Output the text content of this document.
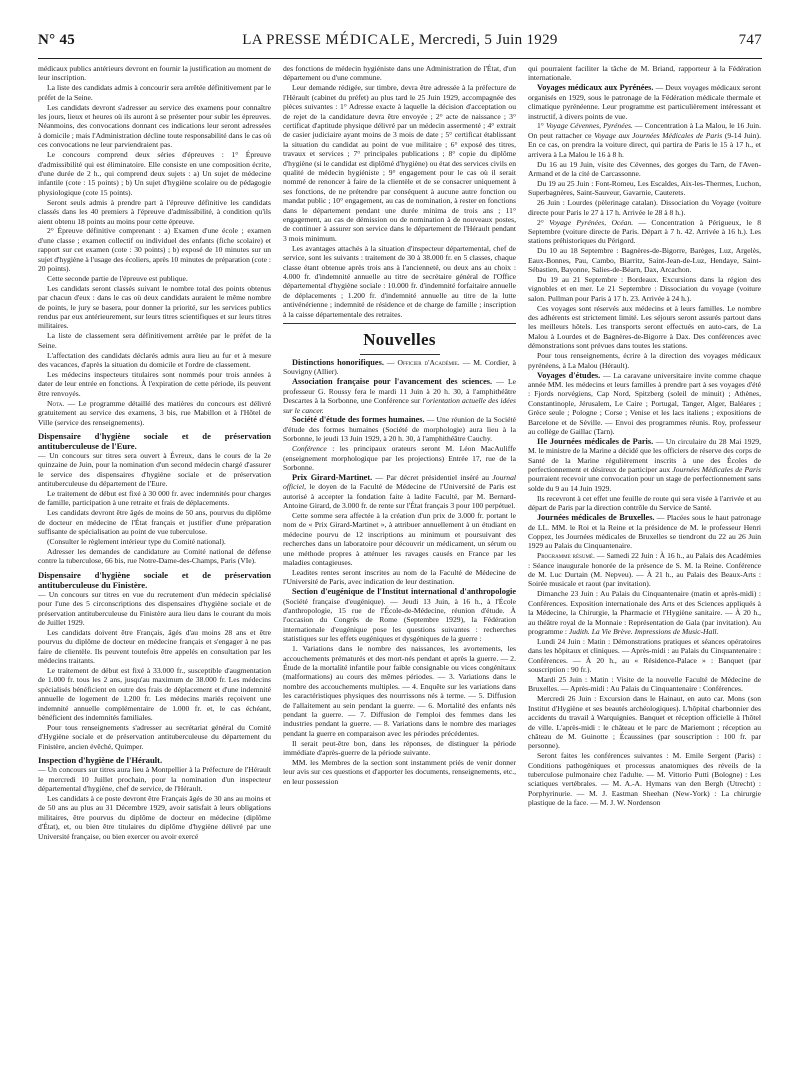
N° 45	LA PRESSE MÉDICALE, Mercredi, 5 Juin 1929	747

médicaux publics antérieurs devront en fournir la justification au moment de leur inscription.

La liste des candidats admis à concourir sera arrêtée définitivement par le préfet de la Seine.

Les candidats devront s'adresser au service des examens pour connaître les jours, lieux et heures où ils auront à se présenter pour subir les épreuves. Néanmoins, des convocations donnant ces indications leur seront adressées à domicile ; mais l'Administration décline toute responsabilité dans le cas où ces convocations ne leur parviendraient pas.

Le concours comprend deux séries d'épreuves : 1° Épreuve d'admissibilité qui est éliminatoire. Elle consiste en une composition écrite, d'une durée de 2 h., qui comprend deux sujets : a) Un sujet de médecine infantile (cote : 15 points) ; b) Un sujet d'hygiène scolaire ou de pédagogie physiologique (cote 15 points).

Seront seuls admis à prendre part à l'épreuve définitive les candidats classés dans les 40 premiers à l'épreuve d'admissibilité, à condition qu'ils aient obtenu 18 points au moins pour cette épreuve.

2° Épreuve définitive comprenant : a) Examen d'une école ; examen d'une classe ; examen collectif ou individuel des enfants (fiche scolaire) et rapport sur cet examen (cote : 30 points) ; b) exposé de 10 minutes sur un sujet d'hygiène à l'usage des écoliers, après 10 minutes de préparation (cote : 20 points).

Cette seconde partie de l'épreuve est publique.

Les candidats seront classés suivant le nombre total des points obtenus par chacun d'eux : dans le cas où deux candidats auraient le même nombre de points, le jury se basera, pour donner la priorité, sur les services publics rendus par eux antérieurement, sur leurs titres scientifiques et sur leurs titres militaires.

La liste de classement sera définitivement arrêtée par le préfet de la Seine.

L'affectation des candidats déclarés admis aura lieu au fur et à mesure des vacances, d'après la situation du domicile et l'ordre de classement.

Les médecins inspecteurs titulaires sont nommés pour trois années à dater de leur entrée en fonctions. À l'expiration de cette période, ils peuvent être renvoyés.

Nota. — Le programme détaillé des matières du concours est délivré gratuitement au service des examens, 3 bis, rue Mabillon et à l'Hôtel de Ville (service des renseignements).

Dispensaire d'hygiène sociale et de préservation antituberculeuse de l'Eure.

— Un concours sur titres sera ouvert à Évreux, dans le cours de la 2e quinzaine de Juin, pour la nomination d'un second médecin chargé d'assurer le service des dispensaires d'hygiène sociale et de préservation antituberculeuse du département de l'Eure.

Le traitement de début est fixé à 30 000 fr. avec indemnités pour charges de famille, participation à une retraite et frais de déplacements.

Les candidats devront être âgés de moins de 50 ans, pourvus du diplôme de docteur en médecine de l'État français et justifier d'une préparation suffisante de spécialisation au point de vue tuberculose.

(Consulter le règlement intérieur type du Comité national).

Adresser les demandes de candidature au Comité national de défense contre la tuberculose, 66 bis, rue Notre-Dame-des-Champs, Paris (VIe).

Dispensaire d'hygiène sociale et de préservation antituberculeuse du Finistère.

— Un concours sur titres en vue du recrutement d'un médecin spécialisé pour l'une des 5 circonscriptions des dispensaires d'hygiène sociale et de préservation antituberculeuse du Finistère aura lieu dans le courant du mois de Juillet 1929.

Les candidats doivent être Français, âgés d'au moins 28 ans et être pourvus du diplôme de docteur en médecine français et s'engager à ne pas faire de clientèle. Ils peuvent toutefois être appelés en consultation par les médecins traitants.

Le traitement de début est fixé à 33.000 fr., susceptible d'augmentation de 1.000 fr. tous les 2 ans, jusqu'au maximum de 38.000 fr. Les médecins spécialisés bénéficient en outre des frais de déplacement et d'une indemnité annuelle de logement de 1.200 fr. Les médecins mariés reçoivent une indemnité annuelle complémentaire de 1.000 fr. et, le cas échéant, bénéficient des indemnités familiales.

Pour tous renseignements s'adresser au secrétariat général du Comité d'Hygiène sociale et de préservation antituberculeuse du département du Finistère, ancien évêché, Quimper.

Inspection d'hygiène de l'Hérault.

— Un concours sur titres aura lieu à Montpellier à la Préfecture de l'Hérault le mercredi 10 Juillet prochain, pour la nomination d'un inspecteur départemental d'hygiène, chef de service, de l'Hérault.

Les candidats à ce poste devront être Français âgés de 30 ans au moins et de 50 ans au plus au 31 Décembre 1929, avoir satisfait à leurs obligations militaires, être pourvus du diplôme de docteur en médecine (diplôme d'État), et, ou bien être titulaires du diplôme d'hygiène délivré par une Université française, ou bien exercer ou avoir exercé

des fonctions de médecin hygiéniste dans une Administration de l'État, d'un département ou d'une commune.

Leur demande rédigée, sur timbre, devra être adressée à la préfecture de l'Hérault (cabinet du préfet) au plus tard le 25 Juin 1929, accompagnée des pièces suivantes : 1° Adresse exacte à laquelle la décision d'acceptation ou de rejet de la candidature devra être envoyée ; 2° acte de naissance ; 3° certificat d'aptitude physique délivré par un médecin assermenté ; 4° extrait de casier judiciaire ayant moins de 3 mois de date ; 5° certificat établissant la situation du candidat au point de vue militaire ; 6° exposé des titres, travaux et services ; 7° principales publications ; 8° copie du diplôme d'hygiène (si le candidat est diplômé d'hygiène) ou état des services civils en qualité de médecin hygiéniste ; 9° engagement pour le cas où il serait nommé de renoncer à faire de la clientèle et de se consacrer uniquement à ses fonctions, de ne prétendre par conséquent à aucune autre fonction ou mandat public ; 10° engagement, au cas de nomination, à rester en fonctions dans le département pendant une durée minima de trois ans ; 11° engagement, au cas de démission ou de nomination à de nouveaux postes, de continuer à assurer son service dans le département de l'Hérault pendant 3 mois minimum.

Les avantages attachés à la situation d'inspecteur départemental, chef de service, sont les suivants : traitement de 30 à 38.000 fr. en 5 classes, chaque classe étant obtenue après trois ans à l'ancienneté, ou deux ans au choix : 4.000 fr. d'indemnité annuelle au titre de secrétaire général de l'Office départemental d'hygiène sociale : 10.000 fr. d'indemnité forfaitaire annuelle de déplacements ; 1.200 fr. d'indemnité annuelle au titre de la lutte antivénérienne ; indemnité de résidence et de charge de famille ; inscription à la caisse départementale des retraites.

Nouvelles

Distinctions honorifiques. — Officier d'Académie. — M. Cordier, à Souvigny (Allier).

Association française pour l'avancement des sciences. — Le professeur G. Roussy fera le mardi 11 Juin à 20 h. 30, à l'amphithéâtre Descartes à la Sorbonne, une Conférence sur l'orientation actuelle des idées sur le cancer.

Société d'étude des formes humaines. — Une réunion de la Société d'étude des formes humaines (Société de morphologie) aura lieu à la Sorbonne, le jeudi 13 Juin 1929, à 20 h. 30, à l'amphithéâtre Cauchy.

Conférence : les principaux orateurs seront M. Léon MacAuliffe (enseignement morphologique par les projections) Entrée 17, rue de la Sorbonne.

Prix Girard-Martinet. — Par décret présidentiel inséré au Journal officiel, le doyen de la Faculté de Médecine de l'Université de Paris est autorisé à accepter la fondation faite à ladite Faculté, par M. Bernard-Antoine Girard, de 3.000 fr. de rente sur l'État français 3 pour 100 perpétuel.

Cette somme sera affectée à la création d'un prix de 3.000 fr. portant le nom de « Prix Girard-Martinet », à attribuer annuellement à un étudiant en médecine pourvu de 12 inscriptions au minimum et poursuivant des recherches dans un laboratoire pour découvrir un médicament, un sérum ou une méthode propres à atténuer les ravages causés en France par les maladies contagieuses.

Leadites rentes seront inscrites au nom de la Faculté de Médecine de l'Université de Paris, avec indication de leur destination.

Section d'eugénique de l'Institut international d'anthropologie (Société française d'eugénique). — Jeudi 13 Juin, à 16 h., à l'École d'anthropologie, 15 rue de l'École-de-Médecine, réunion d'étude. À l'occasion du Congrès de Rome (Septembre 1929), la Fédération internationale d'eugénique pose les questions suivantes : recherches statistiques sur les effets eugéniques et dysgéniques de la guerre :

1. Variations dans le nombre des naissances, les avortements, les accouchements prématurés et des mort-nés pendant et après la guerre. — 2. Étude de la mortalité infantile pour faible consignable ou vices congénitaux (malformations) au cours des mêmes périodes. — 3. Variations dans le nombre des accouchements multiples. — 4. Enquête sur les variations dans les caractéristiques physiques des nourrissons nés à terme. — 5. Diffusion de l'allaitement au sein pendant la guerre. — 6. Mortalité des enfants nés pendant la guerre. — 7. Diffusion de l'emploi des femmes dans les industries pendant la guerre. — 8. Variations dans le nombre des mariages pendant la guerre en comparaison avec les périodes précédentes.

Il serait peut-être bon, dans les réponses, de distinguer la période immédiate d'après-guerre de la période suivante.

MM. les Membres de la section sont instamment priés de venir donner leur avis sur ces questions et d'apporter les documents, renseignements, etc., en leur possession

qui pourraient faciliter la tâche de M. Briand, rapporteur à la Fédération internationale.

Voyages médicaux aux Pyrénées. — Deux voyages médicaux seront organisés en 1929, sous le patronage de la Fédération médicale thermale et climatique pyrénéenne. Leur programme est particulièrement intéressant et instructif, à divers points de vue.

1° Voyage Cévennes, Pyrénées. — Concentration à La Malou, le 16 Juin. On peut rattacher ce Voyage aux Journées Médicales de Paris (9-14 Juin). En ce cas, on prendra la voiture direct, qui partira de Paris le 15 à 17 h., et arrivera à La Malou le 16 à 8 h.

Du 16 au 19 Juin, visite des Cévennes, des gorges du Tarn, de l'Aven-Armand et de la cité de Carcassonne.

Du 19 au 25 Juin : Font-Romeu, Les Escaldes, Aix-les-Thermes, Luchon, Superbagnères, Saint-Sauveur, Gavarnie, Cauterets.

26 Juin : Lourdes (pèlerinage catalan). Dissociation du Voyage (voiture directe pour Paris le 27 à 17 h. Arrivée le 28 à 8 h.).

2° Voyage Pyrénées, Océan. — Concentration à Périgueux, le 8 Septembre (voiture directe de Paris. Départ à 7 h. 42. Arrivée à 16 h.). Les stations préhistoriques du Périgord.

Du 10 au 18 Septembre : Bagnères-de-Bigorre, Barèges, Luz, Argelès, Eaux-Bonnes, Pau, Cambo, Biarritz, Saint-Jean-de-Luz, Hendaye, Saint-Sébastien, Bayonne, Salies-de-Béarn, Dax, Arcachon.

Du 19 au 21 Septembre : Bordeaux. Excursions dans la région des vignobles et en mer. Le 21 Septembre : Dissociation du voyage (voiture salon. Pullman pour Paris à 17 h. 23. Arrivée à 24 h.).

Ces voyages sont réservés aux médecins et à leurs familles. Le nombre des adhérents est strictement limité. Les séjours seront assurés partout dans les meilleurs hôtels. Les transports seront effectués en auto-cars, de La Malou à Lourdes et de Bagnères-de-Bigorre à Dax. Des conférences avec démonstrations sont prévues dans toutes les stations.

Pour tous renseignements, écrire à la direction des voyages médicaux pyrénéens, à La Malou (Hérault).

Voyages d'études. — La caravane universitaire invite comme chaque année MM. les médecins et leurs familles à prendre part à ses voyages d'été : Fjords norvégiens, Cap Nord, Spitzberg (soleil de minuit) ; Athènes, Constantinople, Jérusalem, Le Caire ; Portugal, Tanger, Alger, Baléares ; Grèce seule ; Pologne ; Corse ; Venise et les lacs italiens ; expositions de Barcelone et de Séville. — Envoi des programmes réunis. Roy, professeur au collège de Gaillac (Tarn).

IIe Journées médicales de Paris. — Un circulaire du 28 Mai 1929, M. le ministre de la Marine a décidé que les officiers de réserve des corps de Santé de la Marine régulièrement inscrits à une des Écoles de perfectionnement et désireux de participer aux Journées Médicales de Paris pourraient recevoir une convocation pour un stage de perfectionnement sans solde du 9 au 14 Juin 1929.

Ils recevront à cet effet une feuille de route qui sera visée à l'arrivée et au départ de Paris par la direction contrôle du Service de Santé.

Journées médicales de Bruxelles. — Placées sous le haut patronage de LL. MM. le Roi et la Reine et la présidence de M. le professeur Henri Coppez, les Journées médicales de Bruxelles se tiendront du 22 au 26 Juin 1929 au Palais du Cinquantenaire.

Programme résumé. — Samedi 22 Juin : À 16 h., au Palais des Académies : Séance inaugurale honorée de la présence de S. M. la Reine. Conférence de M. Luc Durtain (M. Nepveu). — À 21 h., au Palais des Beaux-Arts : Soirée musicale et raout (par invitation).

Dimanche 23 Juin : Au Palais du Cinquantenaire (matin et après-midi) : Conférences. Exposition internationale des Arts et des Sciences appliqués à la Médecine, la Chirurgie, la Pharmacie et l'Hygiène sanitaire. — À 20 h., au théâtre royal de la Monnaie : Représentation de Gala (par invitation). Au programme : Judith. La Vie Brève. Impressions de Music-Hall.

Lundi 24 Juin : Matin : Démonstrations pratiques et séances opératoires dans les hôpitaux et cliniques. — Après-midi : au Palais du Cinquantenaire : Conférences. — À 20 h., au « Résidence-Palace » : Banquet (par souscription : 90 fr.).

Mardi 25 Juin : Matin : Visite de la nouvelle Faculté de Médecine de Bruxelles. — Après-midi : Au Palais du Cinquantenaire : Conférences.

Mercredi 26 Juin : Excursion dans le Hainaut, en auto car. Mons (son Institut d'Hygiène et ses beautés archéologiques). L'hôpital charbonnier des accidents du travail à Warquignies. Banquet et réception officielle à l'hôtel de ville. L'après-midi : le château et le parc de Mariemont ; réception au château de M. Guinotte ; Écaussines (par souscription : 100 fr. par personne).

Seront faites les conférences suivantes : M. Emile Sergent (Paris) : Conditions pathogéniques et processus anatomiques des réveils de la tuberculose pulmonaire chez l'adulte. — M. Vittorio Putti (Bologne) : Les sciatiques vertébrales. — M. A.-A. Hymans van den Bergh (Utrecht) : Porphyrinurie. — M. J. Eastman Sheehan (New-York) : La chirurgie plastique de la face. — M. J. W. Nordenson
